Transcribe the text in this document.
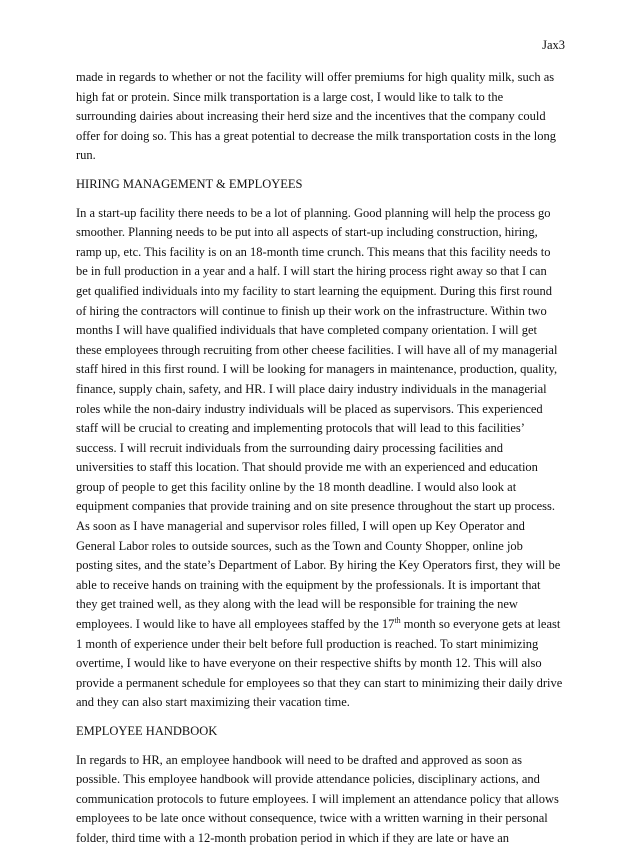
Jax3
made in regards to whether or not the facility will offer premiums for high quality milk, such as
high fat or protein. Since milk transportation is a large cost, I would like to talk to the
surrounding dairies about increasing their herd size and the incentives that the company could
offer for doing so. This has a great potential to decrease the milk transportation costs in the long
run.
HIRING MANAGEMENT & EMPLOYEES
In a start-up facility there needs to be a lot of planning. Good planning will help the process go
smoother. Planning needs to be put into all aspects of start-up including construction, hiring,
ramp up, etc. This facility is on an 18-month time crunch. This means that this facility needs to
be in full production in a year and a half. I will start the hiring process right away so that I can
get qualified individuals into my facility to start learning the equipment. During this first round
of hiring the contractors will continue to finish up their work on the infrastructure. Within two
months I will have qualified individuals that have completed company orientation. I will get
these employees through recruiting from other cheese facilities. I will have all of my managerial
staff hired in this first round. I will be looking for managers in maintenance, production, quality,
finance, supply chain, safety, and HR. I will place dairy industry individuals in the managerial
roles while the non-dairy industry individuals will be placed as supervisors. This experienced
staff will be crucial to creating and implementing protocols that will lead to this facilities’
success. I will recruit individuals from the surrounding dairy processing facilities and
universities to staff this location. That should provide me with an experienced and education
group of people to get this facility online by the 18 month deadline. I would also look at
equipment companies that provide training and on site presence throughout the start up process.
As soon as I have managerial and supervisor roles filled, I will open up Key Operator and
General Labor roles to outside sources, such as the Town and County Shopper, online job
posting sites, and the state’s Department of Labor. By hiring the Key Operators first, they will be
able to receive hands on training with the equipment by the professionals. It is important that
they get trained well, as they along with the lead will be responsible for training the new
employees. I would like to have all employees staffed by the 17th month so everyone gets at least
1 month of experience under their belt before full production is reached. To start minimizing
overtime, I would like to have everyone on their respective shifts by month 12. This will also
provide a permanent schedule for employees so that they can start to minimizing their daily drive
and they can also start maximizing their vacation time.
EMPLOYEE HANDBOOK
In regards to HR, an employee handbook will need to be drafted and approved as soon as
possible. This employee handbook will provide attendance policies, disciplinary actions, and
communication protocols to future employees. I will implement an attendance policy that allows
employees to be late once without consequence, twice with a written warning in their personal
folder, third time with a 12-month probation period in which if they are late or have an
